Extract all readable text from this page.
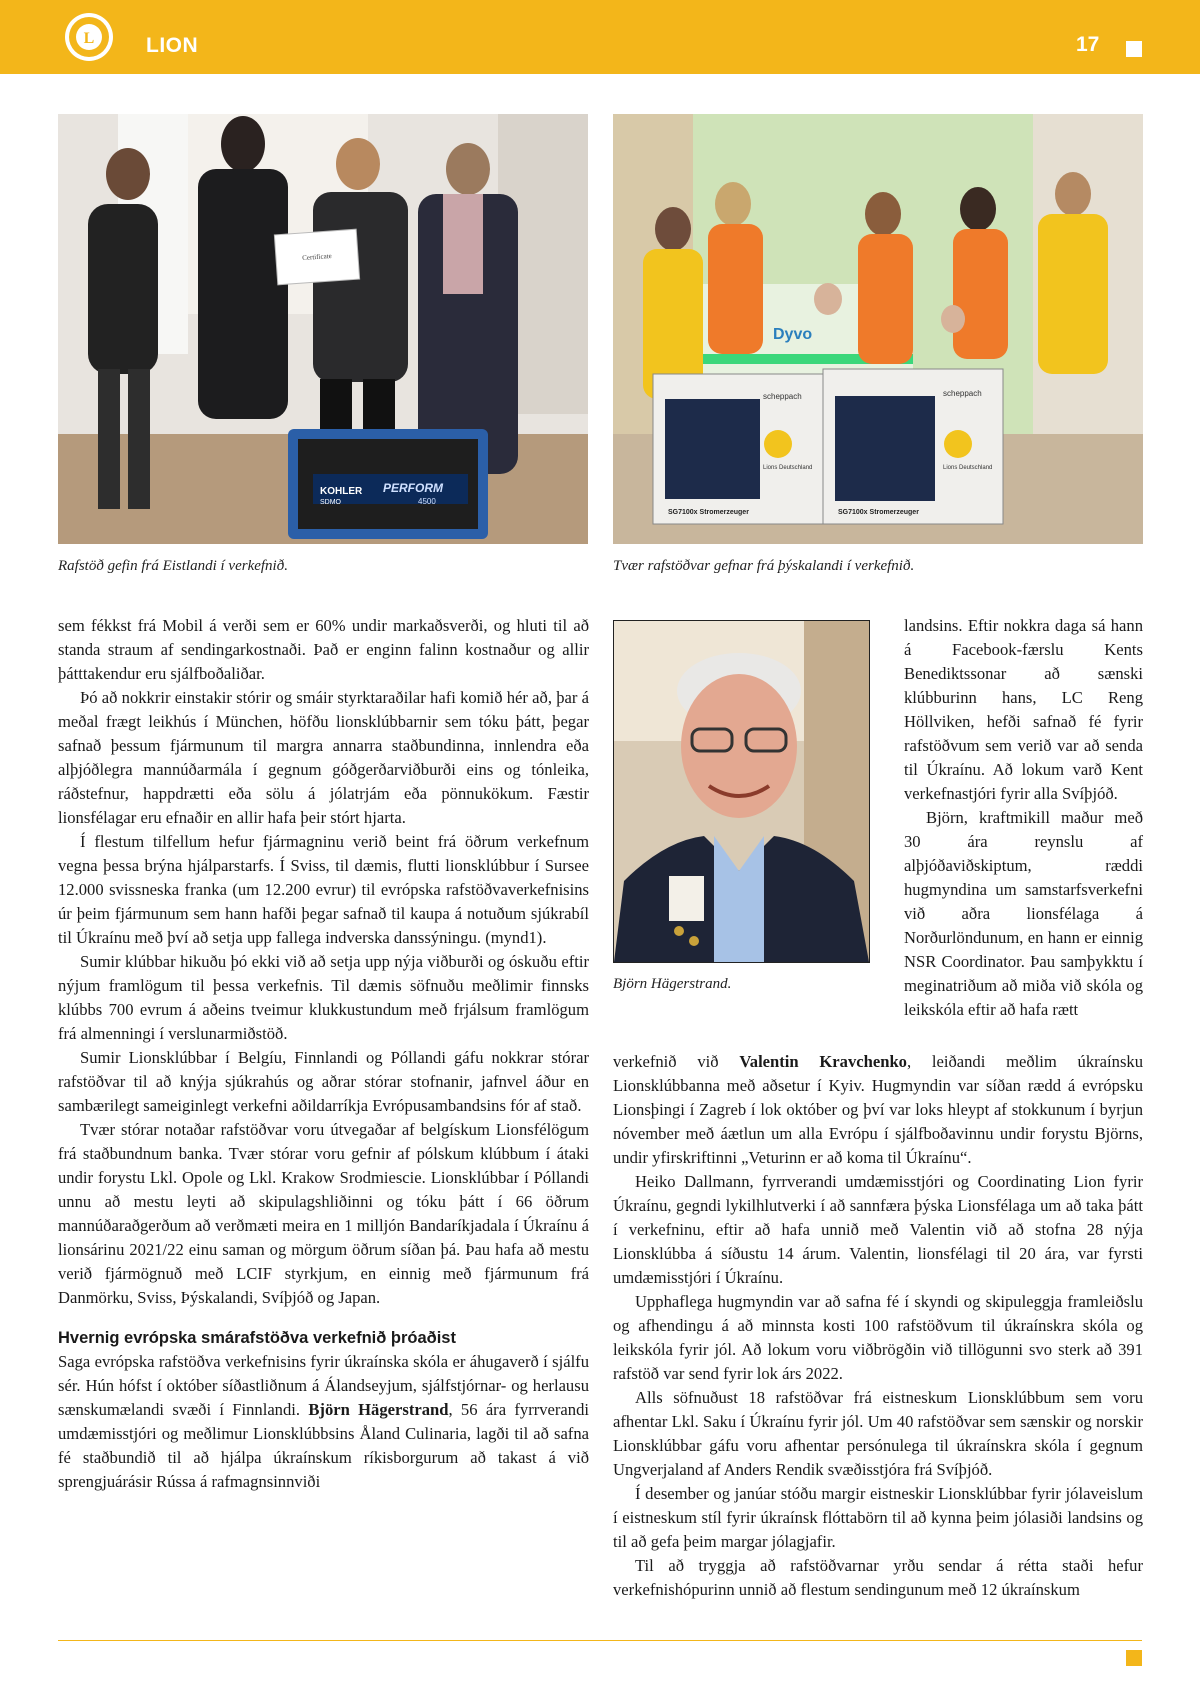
L LION	17
Certificate
KOHLER
SDMO
PERFORM
4500
Rafstöð gefin frá Eistlandi í verkefnið.
Dyvo
scheppach
SG7100x Stromerzeuger
Lions Deutschland
scheppach
SG7100x Stromerzeuger
Lions Deutschland
Tvær rafstöðvar gefnar frá þýskalandi í verkefnið.
Björn Hägerstrand.

sem fékkst frá Mobil á verði sem er 60% undir markaðsverði, og hluti til að standa straum af sendingarkostnaði. Það er enginn falinn kostnaður og allir þátttakendur eru sjálfboðaliðar.

Þó að nokkrir einstakir stórir og smáir styrktaraðilar hafi komið hér að, þar á meðal frægt leikhús í München, höfðu lionsklúbbarnir sem tóku þátt, þegar safnað þessum fjármunum til margra annarra staðbundinna, innlendra eða alþjóðlegra mannúðarmála í gegnum góðgerðarviðburði eins og tónleika, ráðstefnur, happdrætti eða sölu á jólatrjám eða pönnukökum. Fæstir lionsfélagar eru efnaðir en allir hafa þeir stórt hjarta.

Í flestum tilfellum hefur fjármagninu verið beint frá öðrum verkefnum vegna þessa brýna hjálparstarfs. Í Sviss, til dæmis, flutti lionsklúbbur í Sursee 12.000 svissneska franka (um 12.200 evrur) til evrópska rafstöðvaverkefnisins úr þeim fjármunum sem hann hafði þegar safnað til kaupa á notuðum sjúkrabíl til Úkraínu með því að setja upp fallega indverska danssýningu. (mynd1).

Sumir klúbbar hikuðu þó ekki við að setja upp nýja viðburði og óskuðu eftir nýjum framlögum til þessa verkefnis. Til dæmis söfnuðu meðlimir finnsks klúbbs 700 evrum á aðeins tveimur klukkustundum með frjálsum framlögum frá almenningi í verslunarmiðstöð.

Sumir Lionsklúbbar í Belgíu, Finnlandi og Póllandi gáfu nokkrar stórar rafstöðvar til að knýja sjúkrahús og aðrar stórar stofnanir, jafnvel áður en sambærilegt sameiginlegt verkefni aðildarríkja Evrópusambandsins fór af stað.

Tvær stórar notaðar rafstöðvar voru útvegaðar af belgískum Lionsfélögum frá staðbundnum banka. Tvær stórar voru gefnir af pólskum klúbbum í átaki undir forystu Lkl. Opole og Lkl. Krakow Srodmiescie. Lionsklúbbar í Póllandi unnu að mestu leyti að skipulagshliðinni og tóku þátt í 66 öðrum mannúðaraðgerðum að verðmæti meira en 1 milljón Bandaríkjadala í Úkraínu á lionsárinu 2021/22 einu saman og mörgum öðrum síðan þá. Þau hafa að mestu verið fjármögnuð með LCIF styrkjum, en einnig með fjármunum frá Danmörku, Sviss, Þýskalandi, Svíþjóð og Japan.

Hvernig evrópska smárafstöðva verkefnið þróaðist

Saga evrópska rafstöðva verkefnisins fyrir úkraínska skóla er áhugaverð í sjálfu sér. Hún hófst í október síðastliðnum á Álandseyjum, sjálfstjórnar- og herlausu sænskumælandi svæði í Finnlandi. Björn Hägerstrand, 56 ára fyrrverandi umdæmisstjóri og meðlimur Lionsklúbbsins Åland Culinaria, lagði til að safna fé staðbundið til að hjálpa úkraínskum ríkisborgurum að takast á við sprengjuárásir Rússa á rafmagnsinnviði

landsins. Eftir nokkra daga sá hann á Facebook-færslu Kents Benediktssonar að sænski klúbburinn hans, LC Reng Höllviken, hefði safnað fé fyrir rafstöðvum sem verið var að senda til Úkraínu. Að lokum varð Kent verkefnastjóri fyrir alla Svíþjóð.

Björn, kraftmikill maður með 30 ára reynslu af alþjóðaviðskiptum, ræddi hugmyndina um samstarfsverkefni við aðra lionsfélaga á Norðurlöndunum, en hann er einnig NSR Coordinator. Þau samþykktu í meginatriðum að miða við skóla og leikskóla eftir að hafa rætt

verkefnið við Valentin Kravchenko, leiðandi meðlim úkraínsku Lionsklúbbanna með aðsetur í Kyiv. Hugmyndin var síðan rædd á evrópsku Lionsþingi í Zagreb í lok október og því var loks hleypt af stokkunum í byrjun nóvember með áætlun um alla Evrópu í sjálfboðavinnu undir forystu Björns, undir yfirskriftinni „Veturinn er að koma til Úkraínu“.

Heiko Dallmann, fyrrverandi umdæmisstjóri og Coordinating Lion fyrir Úkraínu, gegndi lykilhlutverki í að sannfæra þýska Lionsfélaga um að taka þátt í verkefninu, eftir að hafa unnið með Valentin við að stofna 28 nýja Lionsklúbba á síðustu 14 árum. Valentin, lionsfélagi til 20 ára, var fyrsti umdæmisstjóri í Úkraínu.

Upphaflega hugmyndin var að safna fé í skyndi og skipuleggja framleiðslu og afhendingu á að minnsta kosti 100 rafstöðvum til úkraínskra skóla og leikskóla fyrir jól. Að lokum voru viðbrögðin við tillögunni svo sterk að 391 rafstöð var send fyrir lok árs 2022.

Alls söfnuðust 18 rafstöðvar frá eistneskum Lionsklúbbum sem voru afhentar Lkl. Saku í Úkraínu fyrir jól. Um 40 rafstöðvar sem sænskir og norskir Lionsklúbbar gáfu voru afhentar persónulega til úkraínskra skóla í gegnum Ungverjaland af Anders Rendik svæðisstjóra frá Svíþjóð.

Í desember og janúar stóðu margir eistneskir Lionsklúbbar fyrir jólaveislum í eistneskum stíl fyrir úkraínsk flóttabörn til að kynna þeim jólasiði landsins og til að gefa þeim margar jólagjafir.

Til að tryggja að rafstöðvarnar yrðu sendar á rétta staði hefur verkefnishópurinn unnið að flestum sendingunum með 12 úkraínskum
